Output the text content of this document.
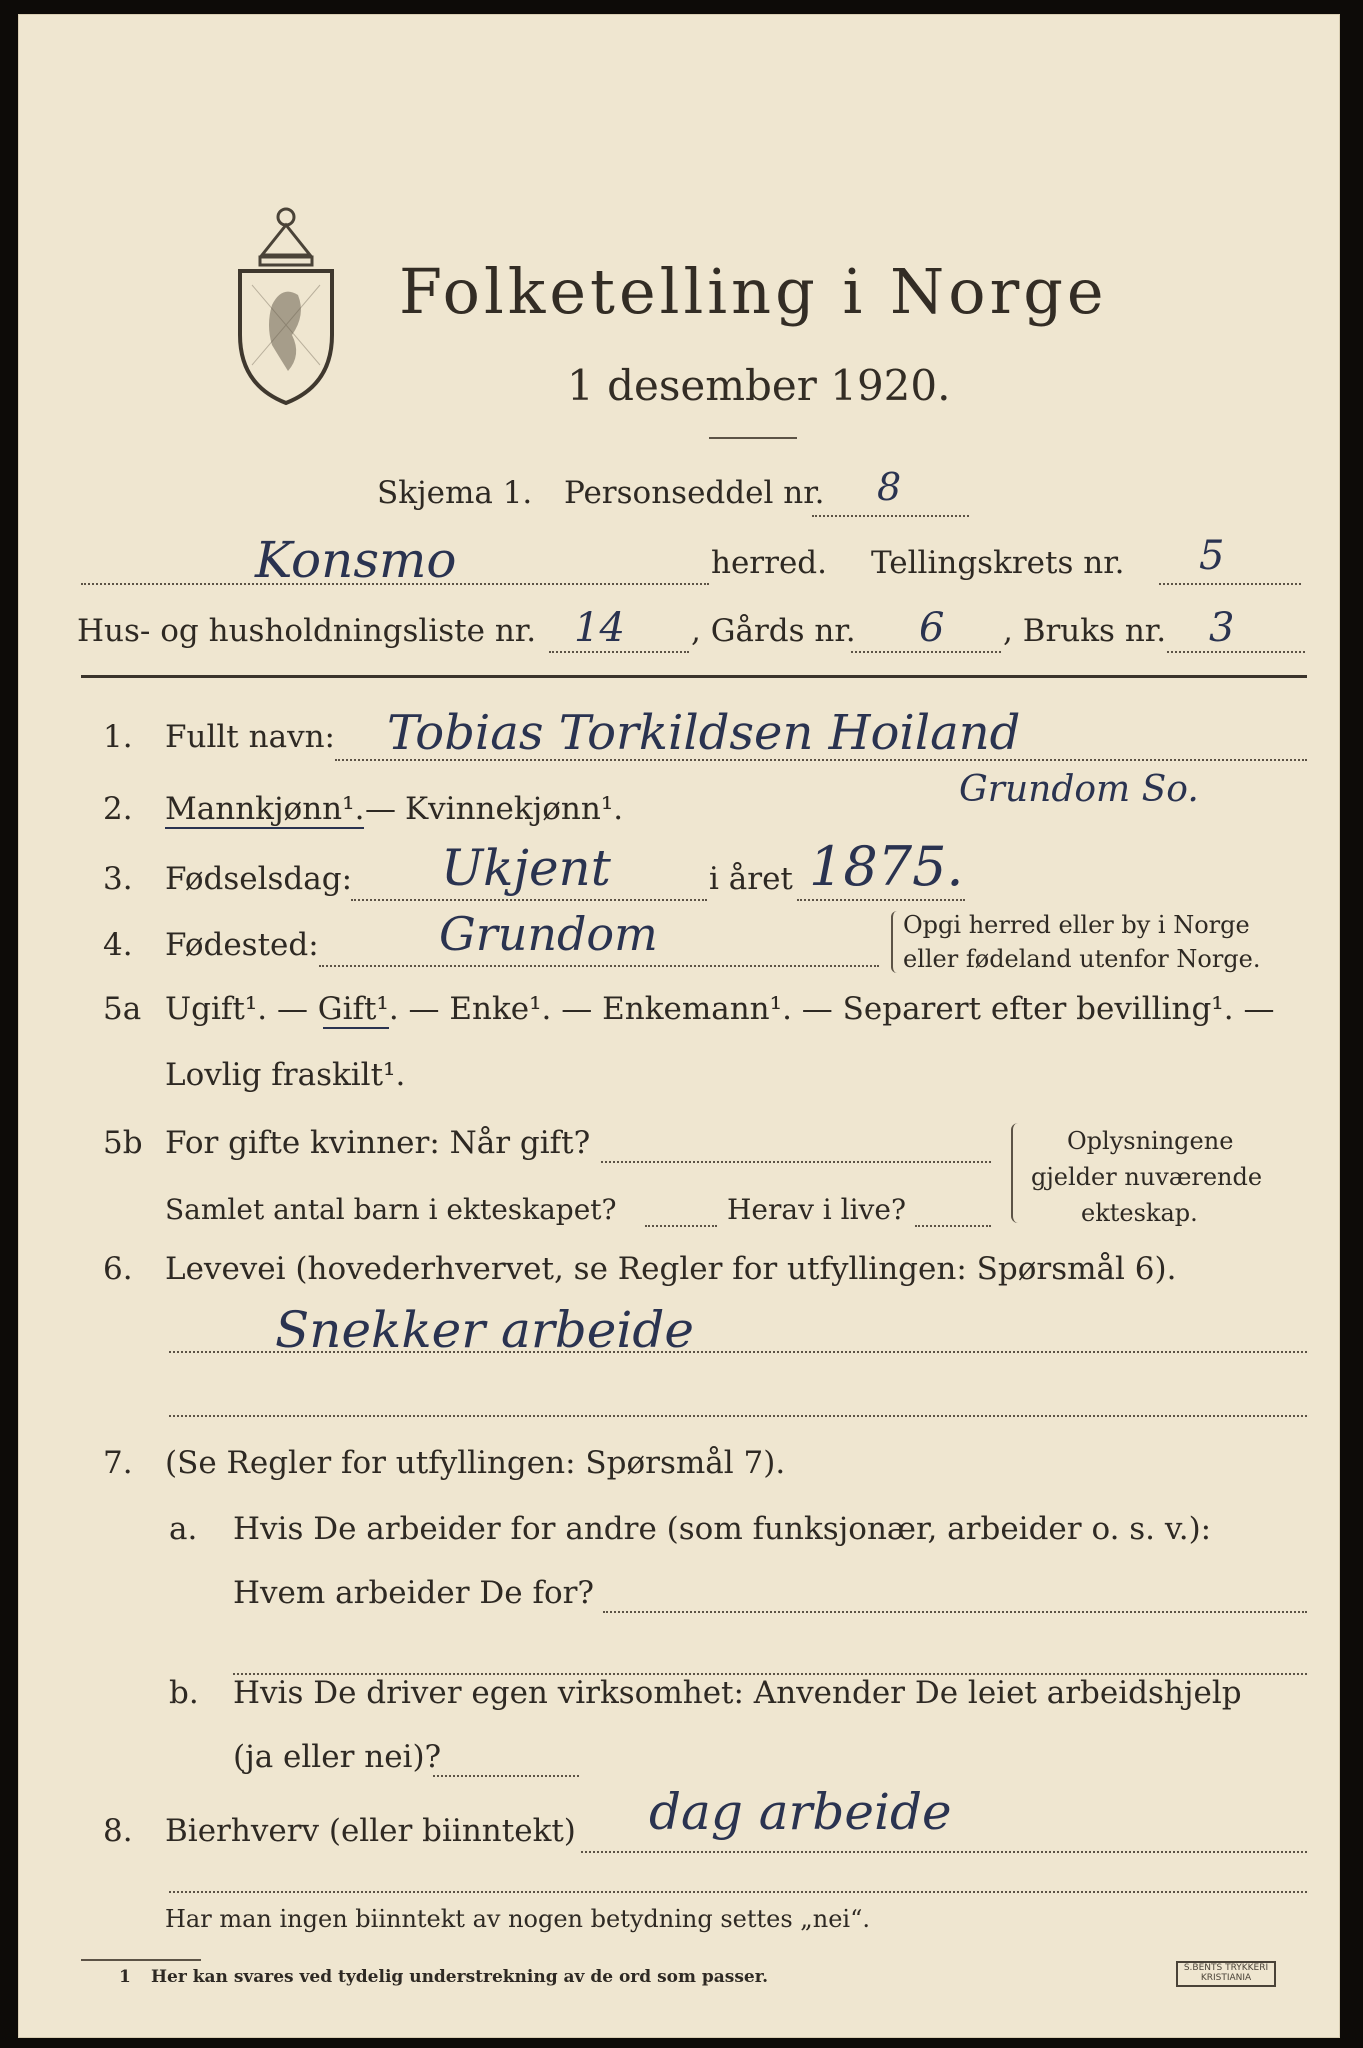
Folketelling i Norge
1 desember 1920.
Skjema 1. Personseddel nr. 8
Konsmo	herred. Tellingskrets nr. 5
Hus- og husholdningsliste nr. 14 , Gårds nr. 6 , Bruks nr. 3
1. Fullt navn: Tobias Torkildsen Hoiland
Grundom So.
2. Mannkjønn¹. — Kvinnekjønn¹.
3. Fødselsdag: Ukjent	i året 1875.
4. Fødested:	Grundom	Opgi herred eller by i Norge
eller fødeland utenfor Norge.
5a Ugift¹. — Gift¹. — Enke¹. — Enkemann¹. — Separert efter bevilling¹. —
Lovlig fraskilt¹.
5b For gifte kvinner: Når gift?
Samlet antal barn i ekteskapet?	Herav i live?
Oplysningene
gjelder nuværende
ekteskap.
6. Levevei (hovederhvervet, se Regler for utfyllingen: Spørsmål 6).
Snekker arbeide
7. (Se Regler for utfyllingen: Spørsmål 7).
a. Hvis De arbeider for andre (som funksjonær, arbeider o. s. v.):
Hvem arbeider De for?
b. Hvis De driver egen virksomhet: Anvender De leiet arbeidshjelp
(ja eller nei)?
8. Bierhverv (eller biinntekt) dag arbeide
Har man ingen biinntekt av nogen betydning settes „nei“.
1 Her kan svares ved tydelig understrekning av de ord som passer.	S.BENTS TRYKKERI KRISTIANIA
